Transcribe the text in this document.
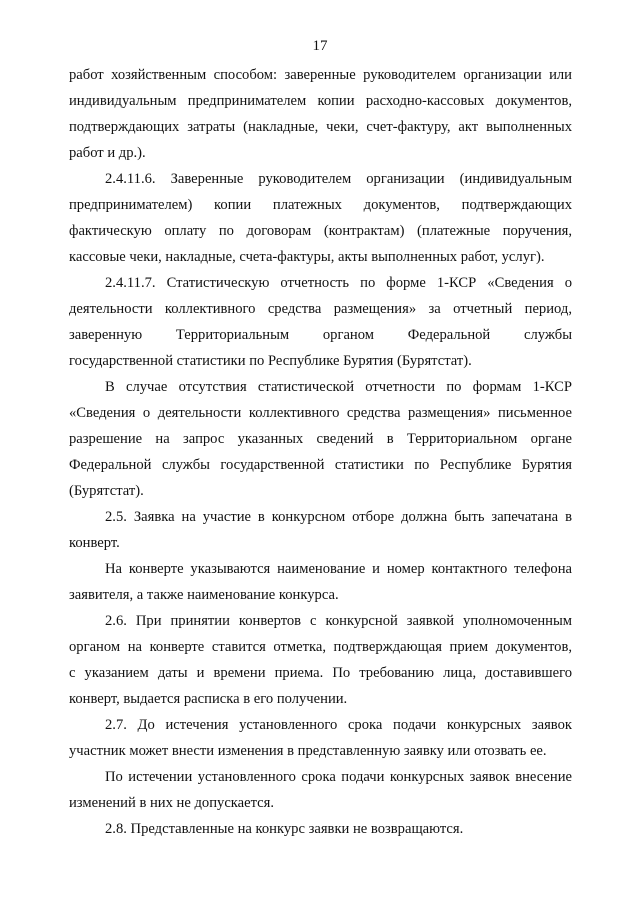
17
работ хозяйственным способом: заверенные руководителем организации или
индивидуальным предпринимателем копии расходно-кассовых документов,
подтверждающих затраты (накладные, чеки, счет-фактуру, акт выполненных
работ и др.).
2.4.11.6. Заверенные руководителем организации (индивидуальным
предпринимателем) копии платежных документов, подтверждающих
фактическую оплату по договорам (контрактам) (платежные поручения,
кассовые чеки, накладные, счета-фактуры, акты выполненных работ, услуг).
2.4.11.7. Статистическую отчетность по форме 1-КСР «Сведения о
деятельности коллективного средства размещения» за отчетный период,
заверенную Территориальным органом Федеральной службы
государственной статистики по Республике Бурятия (Бурятстат).
В случае отсутствия статистической отчетности по формам 1-КСР
«Сведения о деятельности коллективного средства размещения» письменное
разрешение на запрос указанных сведений в Территориальном органе
Федеральной службы государственной статистики по Республике Бурятия
(Бурятстат).
2.5. Заявка на участие в конкурсном отборе должна быть запечатана в
конверт.
На конверте указываются наименование и номер контактного телефона
заявителя, а также наименование конкурса.
2.6. При принятии конвертов с конкурсной заявкой уполномоченным
органом на конверте ставится отметка, подтверждающая прием документов,
с указанием даты и времени приема. По требованию лица, доставившего
конверт, выдается расписка в его получении.
2.7. До истечения установленного срока подачи конкурсных заявок
участник может внести изменения в представленную заявку или отозвать ее.
По истечении установленного срока подачи конкурсных заявок внесение
изменений в них не допускается.
2.8. Представленные на конкурс заявки не возвращаются.
